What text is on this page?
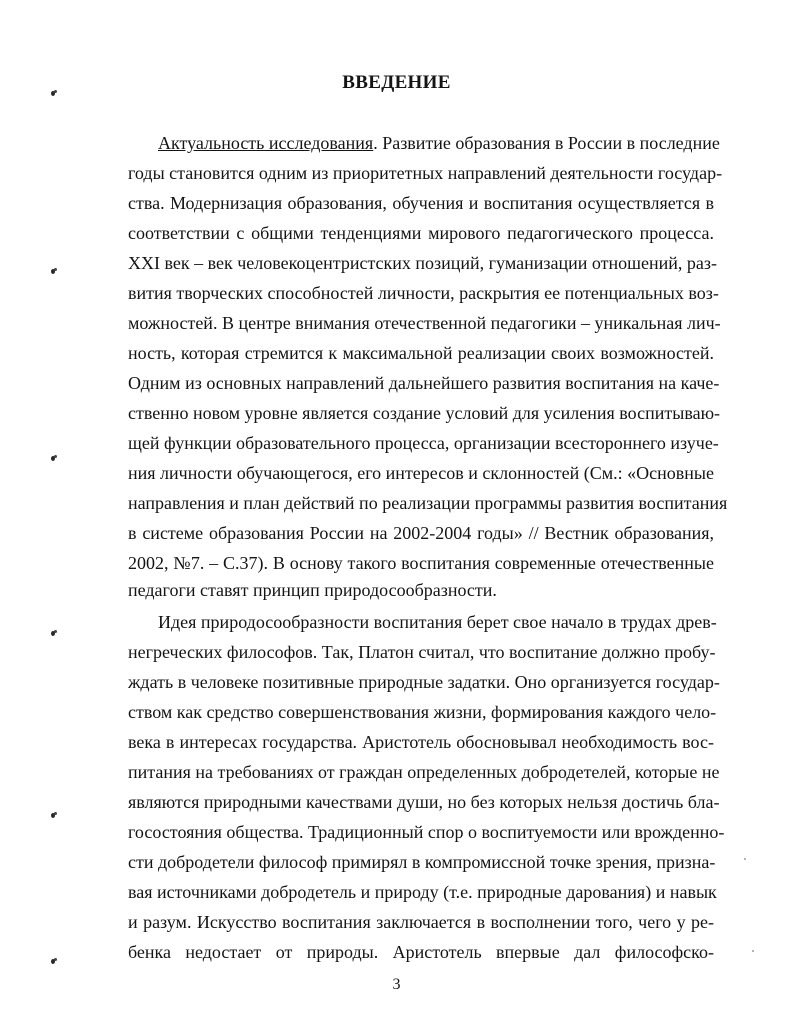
ВВЕДЕНИЕ
Актуальность исследования. Развитие образования в России в последние
годы становится одним из приоритетных направлений деятельности государ-
ства. Модернизация образования, обучения и воспитания осуществляется в
соответствии с общими тенденциями мирового педагогического процесса.
XXI век – век человекоцентристских позиций, гуманизации отношений, раз-
вития творческих способностей личности, раскрытия ее потенциальных воз-
можностей. В центре внимания отечественной педагогики – уникальная лич-
ность, которая стремится к максимальной реализации своих возможностей.
Одним из основных направлений дальнейшего развития воспитания на каче-
ственно новом уровне является создание условий для усиления воспитываю-
щей функции образовательного процесса, организации всестороннего изуче-
ния личности обучающегося, его интересов и склонностей (См.: «Основные
направления и план действий по реализации программы развития воспитания
в системе образования России на 2002-2004 годы» // Вестник образования,
2002, №7. – С.37). В основу такого воспитания современные отечественные
педагоги ставят принцип природосообразности.
Идея природосообразности воспитания берет свое начало в трудах древ-
негреческих философов. Так, Платон считал, что воспитание должно пробу-
ждать в человеке позитивные природные задатки. Оно организуется государ-
ством как средство совершенствования жизни, формирования каждого чело-
века в интересах государства. Аристотель обосновывал необходимость вос-
питания на требованиях от граждан определенных добродетелей, которые не
являются природными качествами души, но без которых нельзя достичь бла-
госостояния общества. Традиционный спор о воспитуемости или врожденно-
сти добродетели философ примирял в компромиссной точке зрения, призна-
вая источниками добродетель и природу (т.е. природные дарования) и навык
и разум. Искусство воспитания заключается в восполнении того, чего у ре-
бенка недостает от природы. Аристотель впервые дал философско-
3
